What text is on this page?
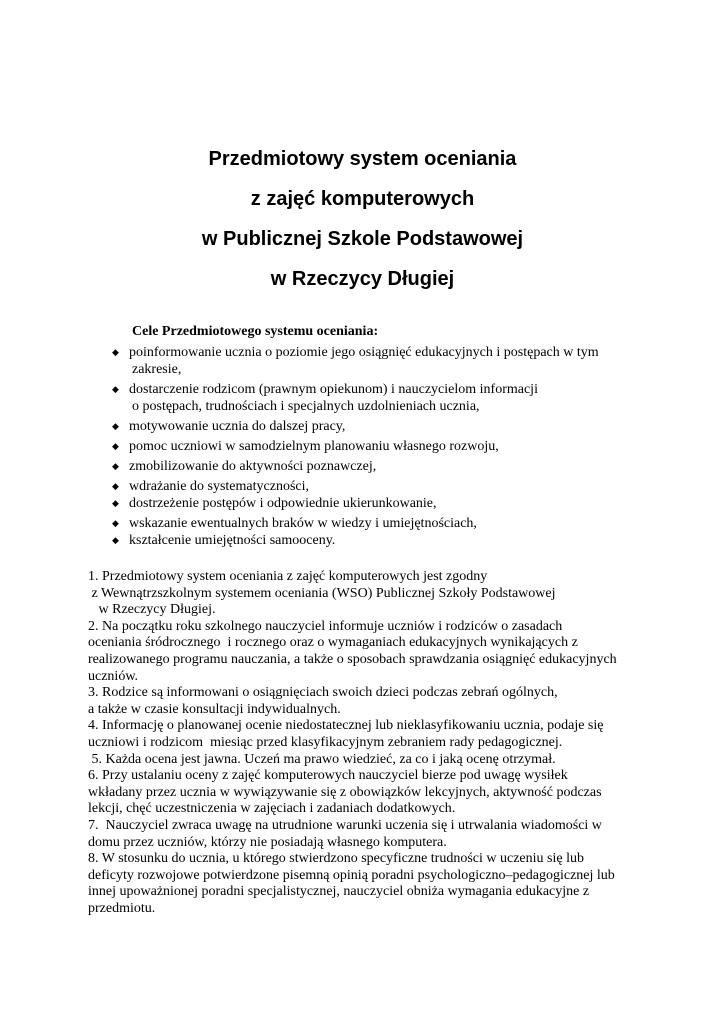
Przedmiotowy system oceniania
z zajęć komputerowych
w Publicznej Szkole Podstawowej
w Rzeczycy Długiej
Cele Przedmiotowego systemu oceniania:
◆ poinformowanie ucznia o poziomie jego osiągnięć edukacyjnych i postępach w tym
zakresie,
◆ dostarczenie rodzicom (prawnym opiekunom) i nauczycielom informacji
o postępach, trudnościach i specjalnych uzdolnieniach ucznia,
◆ motywowanie ucznia do dalszej pracy,
◆ pomoc uczniowi w samodzielnym planowaniu własnego rozwoju,
◆ zmobilizowanie do aktywności poznawczej,
◆ wdrażanie do systematyczności,
◆ dostrzeżenie postępów i odpowiednie ukierunkowanie,
◆ wskazanie ewentualnych braków w wiedzy i umiejętnościach,
◆ kształcenie umiejętności samooceny.
1. Przedmiotowy system oceniania z zajęć komputerowych jest zgodny
z Wewnątrzszkolnym systemem oceniania (WSO) Publicznej Szkoły Podstawowej
w Rzeczycy Długiej.
2. Na początku roku szkolnego nauczyciel informuje uczniów i rodziców o zasadach
oceniania śródrocznego  i rocznego oraz o wymaganiach edukacyjnych wynikających z
realizowanego programu nauczania, a także o sposobach sprawdzania osiągnięć edukacyjnych
uczniów.
3. Rodzice są informowani o osiągnięciach swoich dzieci podczas zebrań ogólnych,
a także w czasie konsultacji indywidualnych.
4. Informację o planowanej ocenie niedostatecznej lub nieklasyfikowaniu ucznia, podaje się
uczniowi i rodzicom  miesiąc przed klasyfikacyjnym zebraniem rady pedagogicznej.
5. Każda ocena jest jawna. Uczeń ma prawo wiedzieć, za co i jaką ocenę otrzymał.
6. Przy ustalaniu oceny z zajęć komputerowych nauczyciel bierze pod uwagę wysiłek
wkładany przez ucznia w wywiązywanie się z obowiązków lekcyjnych, aktywność podczas
lekcji, chęć uczestniczenia w zajęciach i zadaniach dodatkowych.
7.  Nauczyciel zwraca uwagę na utrudnione warunki uczenia się i utrwalania wiadomości w
domu przez uczniów, którzy nie posiadają własnego komputera.
8. W stosunku do ucznia, u którego stwierdzono specyficzne trudności w uczeniu się lub
deficyty rozwojowe potwierdzone pisemną opinią poradni psychologiczno–pedagogicznej lub
innej upoważnionej poradni specjalistycznej, nauczyciel obniża wymagania edukacyjne z
przedmiotu.
